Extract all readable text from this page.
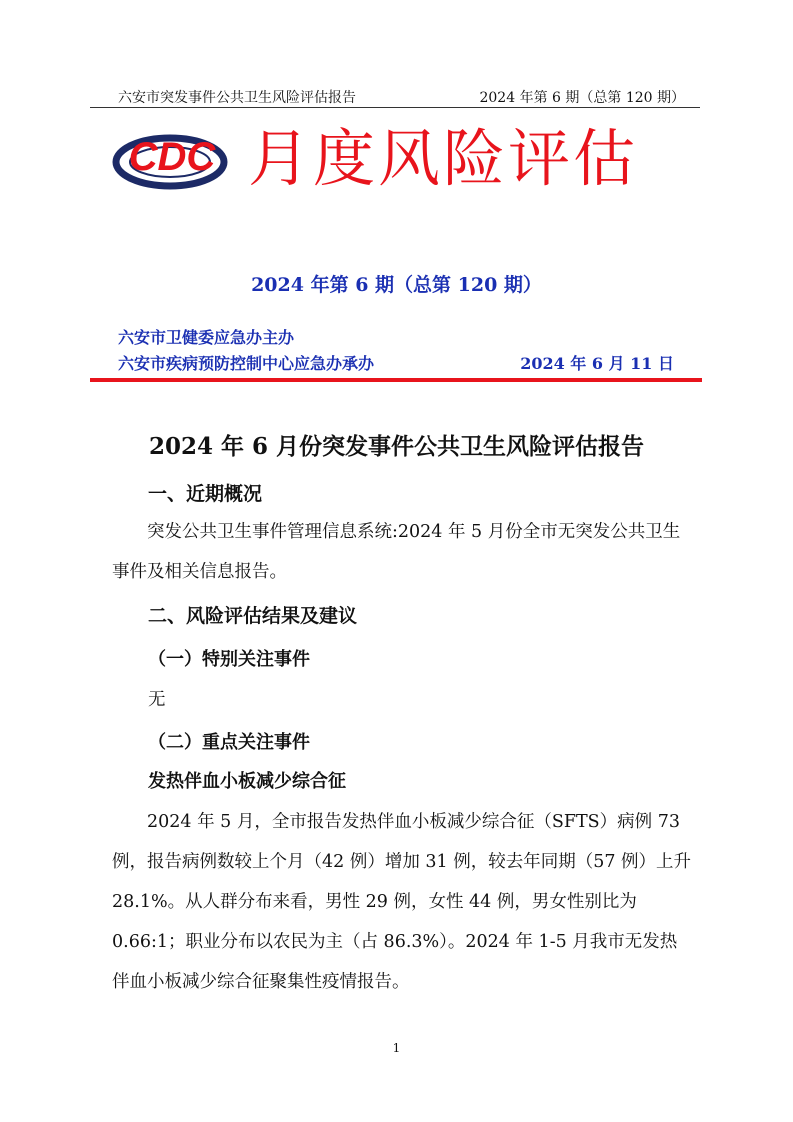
六安市突发事件公共卫生风险评估报告	2024 年第 6 期（总第 120 期）
CDC 月度风险评估
2024 年第 6 期（总第 120 期）
六安市卫健委应急办主办
六安市疾病预防控制中心应急办承办	2024 年 6 月 11 日
2024 年 6 月份突发事件公共卫生风险评估报告
一、近期概况
突发公共卫生事件管理信息系统:2024 年 5 月份全市无突发公共卫生事件及相关信息报告。
二、风险评估结果及建议
（一）特别关注事件
无
（二）重点关注事件
发热伴血小板减少综合征
2024 年 5 月，全市报告发热伴血小板减少综合征（SFTS）病例 73 例，报告病例数较上个月（42 例）增加 31 例，较去年同期（57 例）上升 28.1%。从人群分布来看，男性 29 例，女性 44 例，男女性别比为 0.66:1；职业分布以农民为主（占 86.3%）。2024 年 1-5 月我市无发热伴血小板减少综合征聚集性疫情报告。
1
